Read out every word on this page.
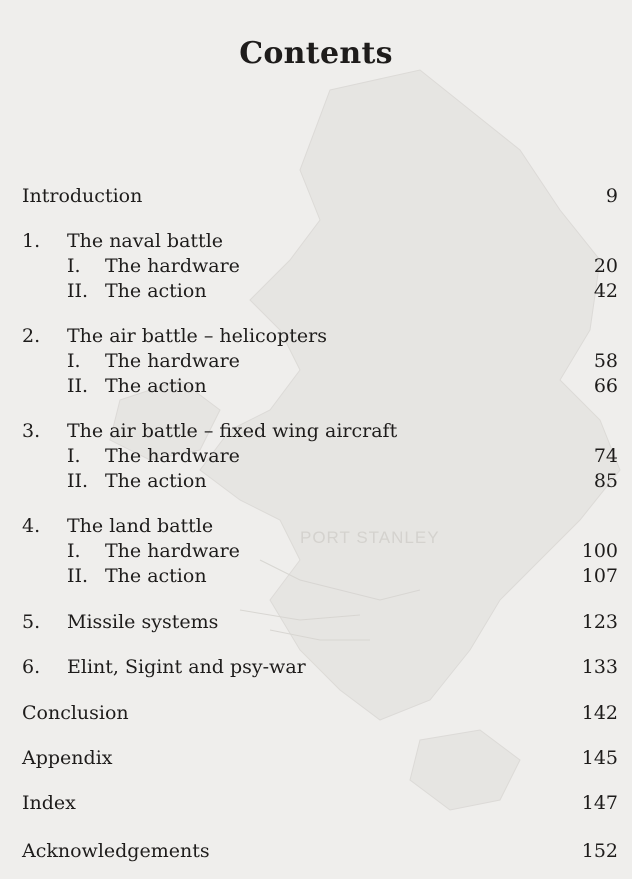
PORT STANLEY
Contents
Introduction	9
1. The naval battle
I. The hardware	20
II. The action	42
2. The air battle – helicopters
I. The hardware	58
II. The action	66
3. The air battle – fixed wing aircraft
I. The hardware	74
II. The action	85
4. The land battle
I. The hardware	100
II. The action	107
5. Missile systems	123
6. Elint, Sigint and psy-war	133
Conclusion	142
Appendix	145
Index	147
Acknowledgements	152
